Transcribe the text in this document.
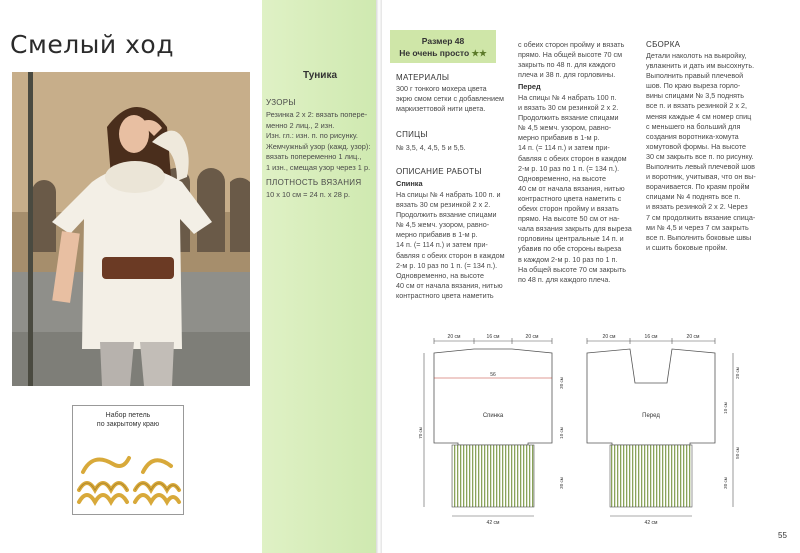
Смелый ход
Туника
УЗОРЫ
Резинка 2 х 2: вязать попере-
менно 2 лиц., 2 изн.
Изн. гл.: изн. п. по рисунку.
Жемчужный узор (кажд. узор):
вязать попеременно 1 лиц.,
1 изн., смещая узор через 1 р.
ПЛОТНОСТЬ ВЯЗАНИЯ
10 x 10 см = 24 п. х 28 р.
Набор петель
по закрытому краю
Размер 48
Не очень просто ★★
МАТЕРИАЛЫ
300 г тонкого мохера цвета
экрю смом сетки с добавлением
маркизеттовой нити цвета.
СПИЦЫ
№ 3,5, 4, 4,5, 5 и 5,5.
ОПИСАНИЕ РАБОТЫ
Спинка
На спицы № 4 набрать 100 п. и
вязать 30 см резинкой 2 х 2.
Продолжить вязание спицами
№ 4,5 жемч. узором, равно-
мерно прибавив в 1-м р.
14 п. (= 114 п.) и затем при-
бавляя с обеих сторон в каждом
2-м р. 10 раз по 1 п. (= 134 п.).
Одновременно, на высоте
40 см от начала вязания, нитью
контрастного цвета наметить
с обеих сторон пройму и вязать
прямо. На общей высоте 70 см
закрыть по 48 п. для каждого
плеча и 38 п. для горловины.
Перед
На спицы № 4 набрать 100 п.
и вязать 30 см резинкой 2 х 2.
Продолжить вязание спицами
№ 4,5 жемч. узором, равно-
мерно прибавив в 1-м р.
14 п. (= 114 п.) и затем при-
бавляя с обеих сторон в каждом
2-м р. 10 раз по 1 п. (= 134 п.).
Одновременно, на высоте
40 см от начала вязания, нитью
контрастного цвета наметить с
обеих сторон пройму и вязать
прямо. На высоте 50 см от на-
чала вязания закрыть для выреза
горловины центральные 14 п. и
убавив по обе стороны выреза
в каждом 2-м р. 10 раз по 1 п.
На общей высоте 70 см закрыть
по 48 п. для каждого плеча.
СБОРКА
Детали наколоть на выкройку,
увлажнить и дать им высохнуть.
Выполнить правый плечевой
шов. По краю выреза горло-
вины спицами № 3,5 поднять
все п. и вязать резинкой 2 х 2,
меняя каждые 4 см номер спиц
с меньшего на больший для
создания воротника-хомута
хомутовой формы. На высоте
30 см закрыть все п. по рисунку.
Выполнить левый плечевой шов
и воротник, учитывая, что он вы-
ворачивается. По краям пройм
спицами № 4 поднять все п.
и вязать резинкой 2 х 2. Через
7 см продолжить вязание спица-
ми № 4,5 и через 7 см закрыть
все п. Выполнить боковые швы
и сшить боковые пройм.
20 см	16 см	20 см
56
Спинка
42 см
70 см
30 см
10 см
30 см
20 см	16 см	20 см
Перед
42 см
20 см
10 см
30 см
50 см
55
